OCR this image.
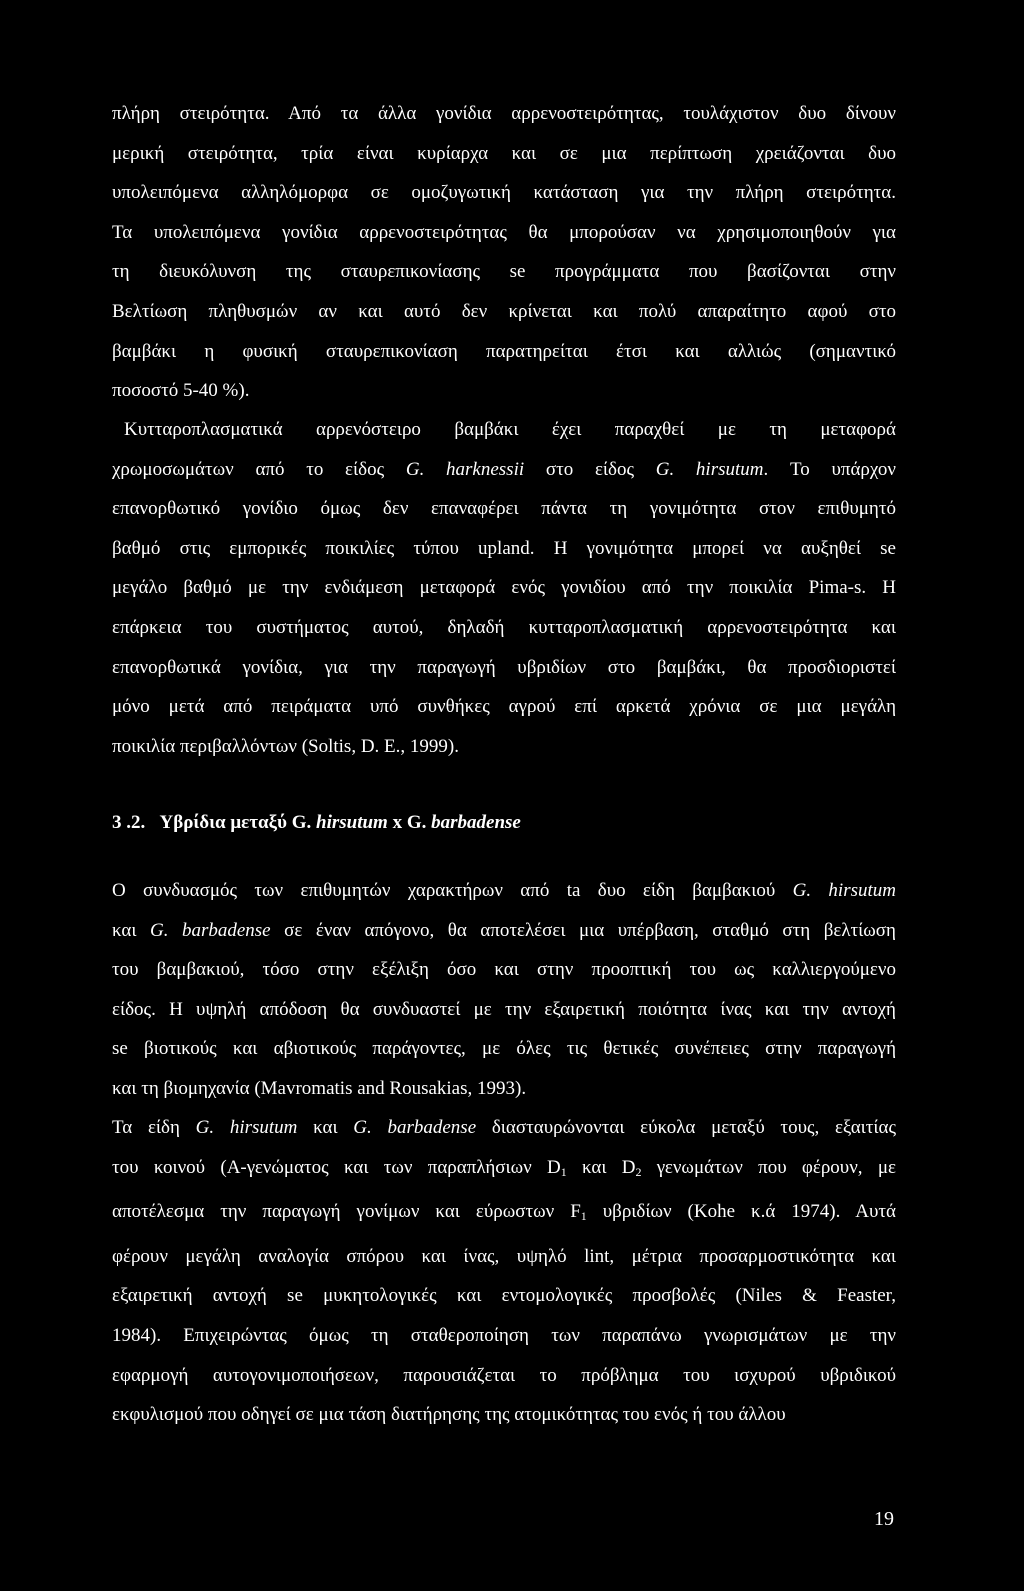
πλήρη στειρότητα. Από τα άλλα γονίδια αρρενοστειρότητας, τουλάχιστον δυο δίνουν
μερική στειρότητα, τρία είναι κυρίαρχα και σε μια περίπτωση χρειάζονται δυο
υπολειπόμενα αλληλόμορφα σε ομοζυγωτική κατάσταση για την πλήρη στειρότητα.
Τα υπολειπόμενα γονίδια αρρενοστειρότητας θα μπορούσαν να χρησιμοποιηθούν για
τη διευκόλυνση της σταυρεπικονίασης se προγράμματα που βασίζονται στην
Βελτίωση πληθυσμών αν και αυτό δεν κρίνεται και πολύ απαραίτητο αφού στο
βαμβάκι η φυσική σταυρεπικονίαση παρατηρείται έτσι και αλλιώς (σημαντικό
ποσοστό 5-40 %).
Κυτταροπλασματικά αρρενόστειρο βαμβάκι έχει παραχθεί με τη μεταφορά
χρωμοσωμάτων από το είδος G. harknessii στο είδος G. hirsutum. Το υπάρχον
επανορθωτικό γονίδιο όμως δεν επαναφέρει πάντα τη γονιμότητα στον επιθυμητό
βαθμό στις εμπορικές ποικιλίες τύπου upland. Η γονιμότητα μπορεί να αυξηθεί se
μεγάλο βαθμό με την ενδιάμεση μεταφορά ενός γονιδίου από την ποικιλία Pima-s. Η
επάρκεια του συστήματος αυτού, δηλαδή κυτταροπλασματική αρρενοστειρότητα και
επανορθωτικά γονίδια, για την παραγωγή υβριδίων στο βαμβάκι, θα προσδιοριστεί
μόνο μετά από πειράματα υπό συνθήκες αγρού επί αρκετά χρόνια σε μια μεγάλη
ποικιλία περιβαλλόντων (Soltis, D. E., 1999).
3 .2. Υβρίδια μεταξύ G. hirsutum x G. barbadense
Ο συνδυασμός των επιθυμητών χαρακτήρων από ta δυο είδη βαμβακιού G. hirsutum
και G. barbadense σε έναν απόγονο, θα αποτελέσει μια υπέρβαση, σταθμό στη βελτίωση
του βαμβακιού, τόσο στην εξέλιξη όσο και στην προοπτική του ως καλλιεργούμενο
είδος. Η υψηλή απόδοση θα συνδυαστεί με την εξαιρετική ποιότητα ίνας και την αντοχή
se βιοτικούς και αβιοτικούς παράγοντες, με όλες τις θετικές συνέπειες στην παραγωγή
και τη βιομηχανία (Mavromatis and Rousakias, 1993).
Τα είδη G. hirsutum και G. barbadense διασταυρώνονται εύκολα μεταξύ τους, εξαιτίας
του κοινού (Α-γενώματος και των παραπλήσιων $D_1$ και $D_2$ γενωμάτων που φέρουν, με
αποτέλεσμα την παραγωγή γονίμων και εύρωστων $F_1$ υβριδίων (Kohe κ.ά 1974). Αυτά
φέρουν μεγάλη αναλογία σπόρου και ίνας, υψηλό lint, μέτρια προσαρμοστικότητα και
εξαιρετική αντοχή se μυκητολογικές και εντομολογικές προσβολές (Niles & Feaster,
1984). Επιχειρώντας όμως τη σταθεροποίηση των παραπάνω γνωρισμάτων με την
εφαρμογή αυτογονιμοποιήσεων, παρουσιάζεται το πρόβλημα του ισχυρού υβριδικού
εκφυλισμού που οδηγεί σε μια τάση διατήρησης της ατομικότητας του ενός ή του άλλου
19
